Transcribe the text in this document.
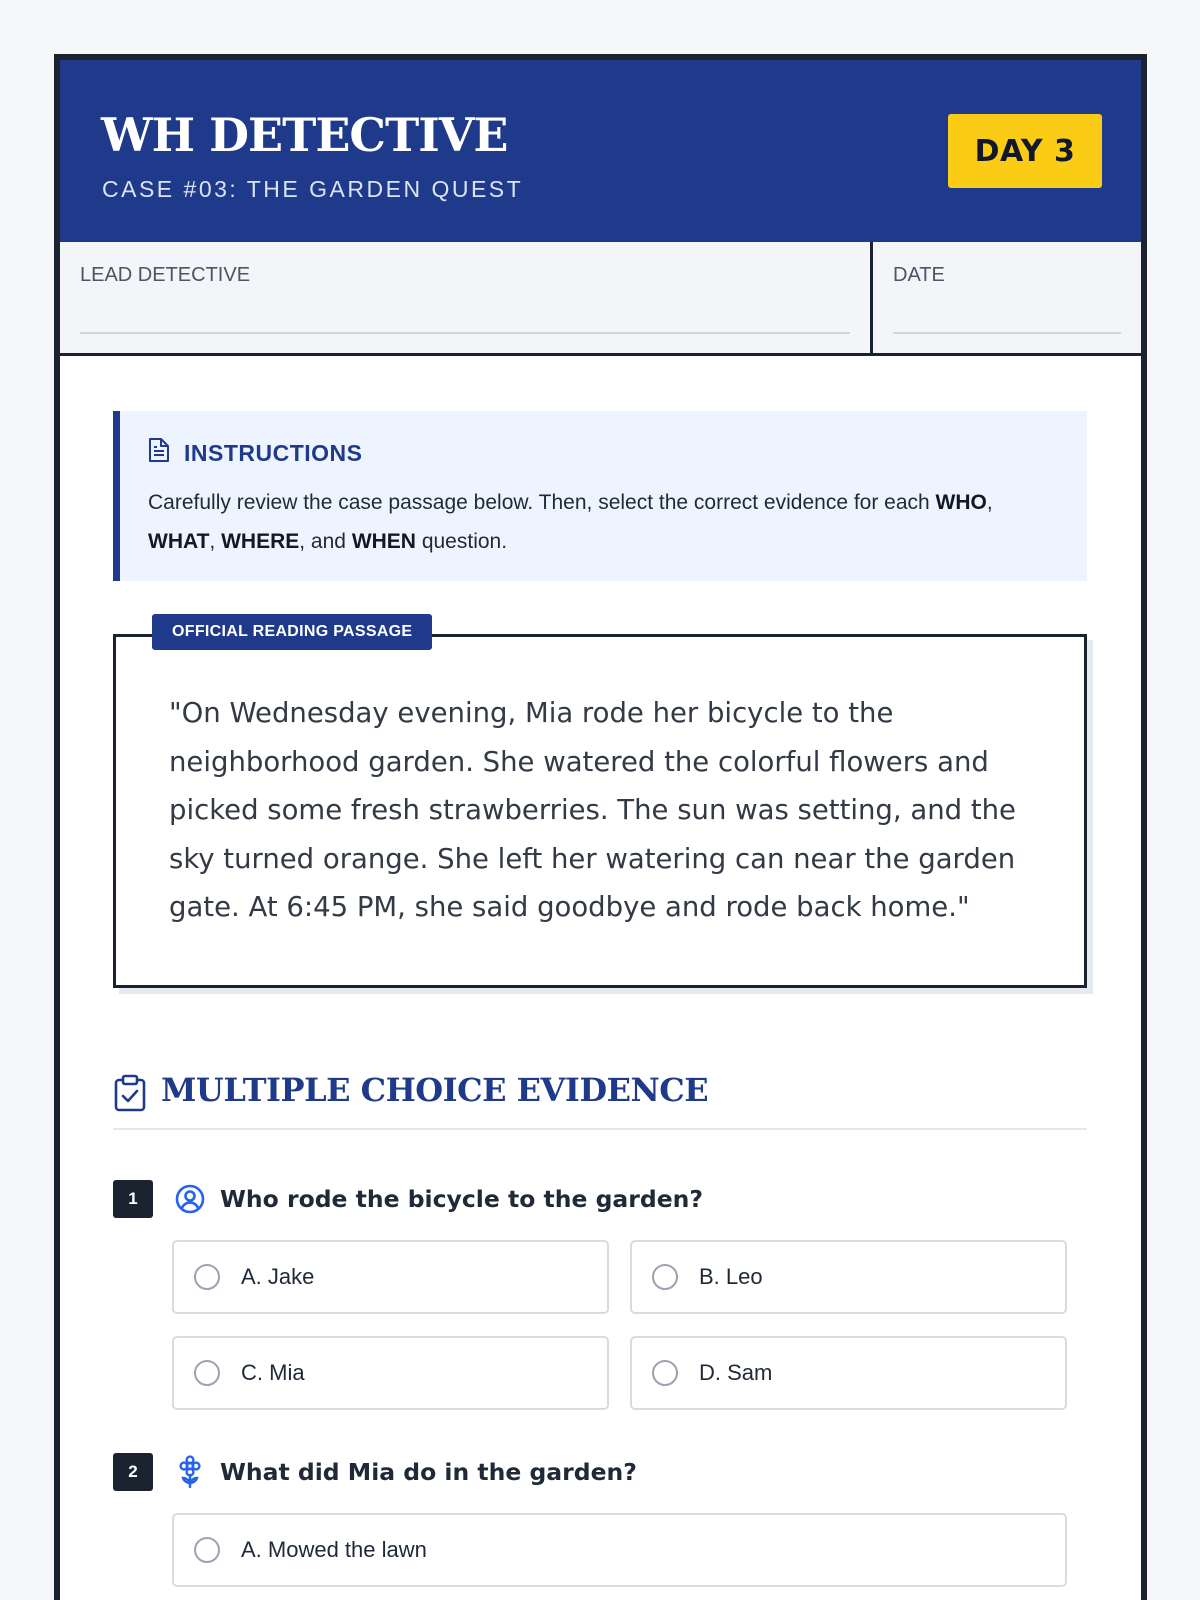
WH DETECTIVE
CASE #03: THE GARDEN QUEST
DAY 3
LEAD DETECTIVE	DATE
INSTRUCTIONS
Carefully review the case passage below. Then, select the correct evidence for each WHO, WHAT, WHERE, and WHEN question.
OFFICIAL READING PASSAGE
"On Wednesday evening, Mia rode her bicycle to the neighborhood garden. She watered the colorful flowers and picked some fresh strawberries. The sun was setting, and the sky turned orange. She left her watering can near the garden gate. At 6:45 PM, she said goodbye and rode back home."
MULTIPLE CHOICE EVIDENCE
1	Who rode the bicycle to the garden?
A. Jake	B. Leo
C. Mia	D. Sam
2	What did Mia do in the garden?
A. Mowed the lawn
